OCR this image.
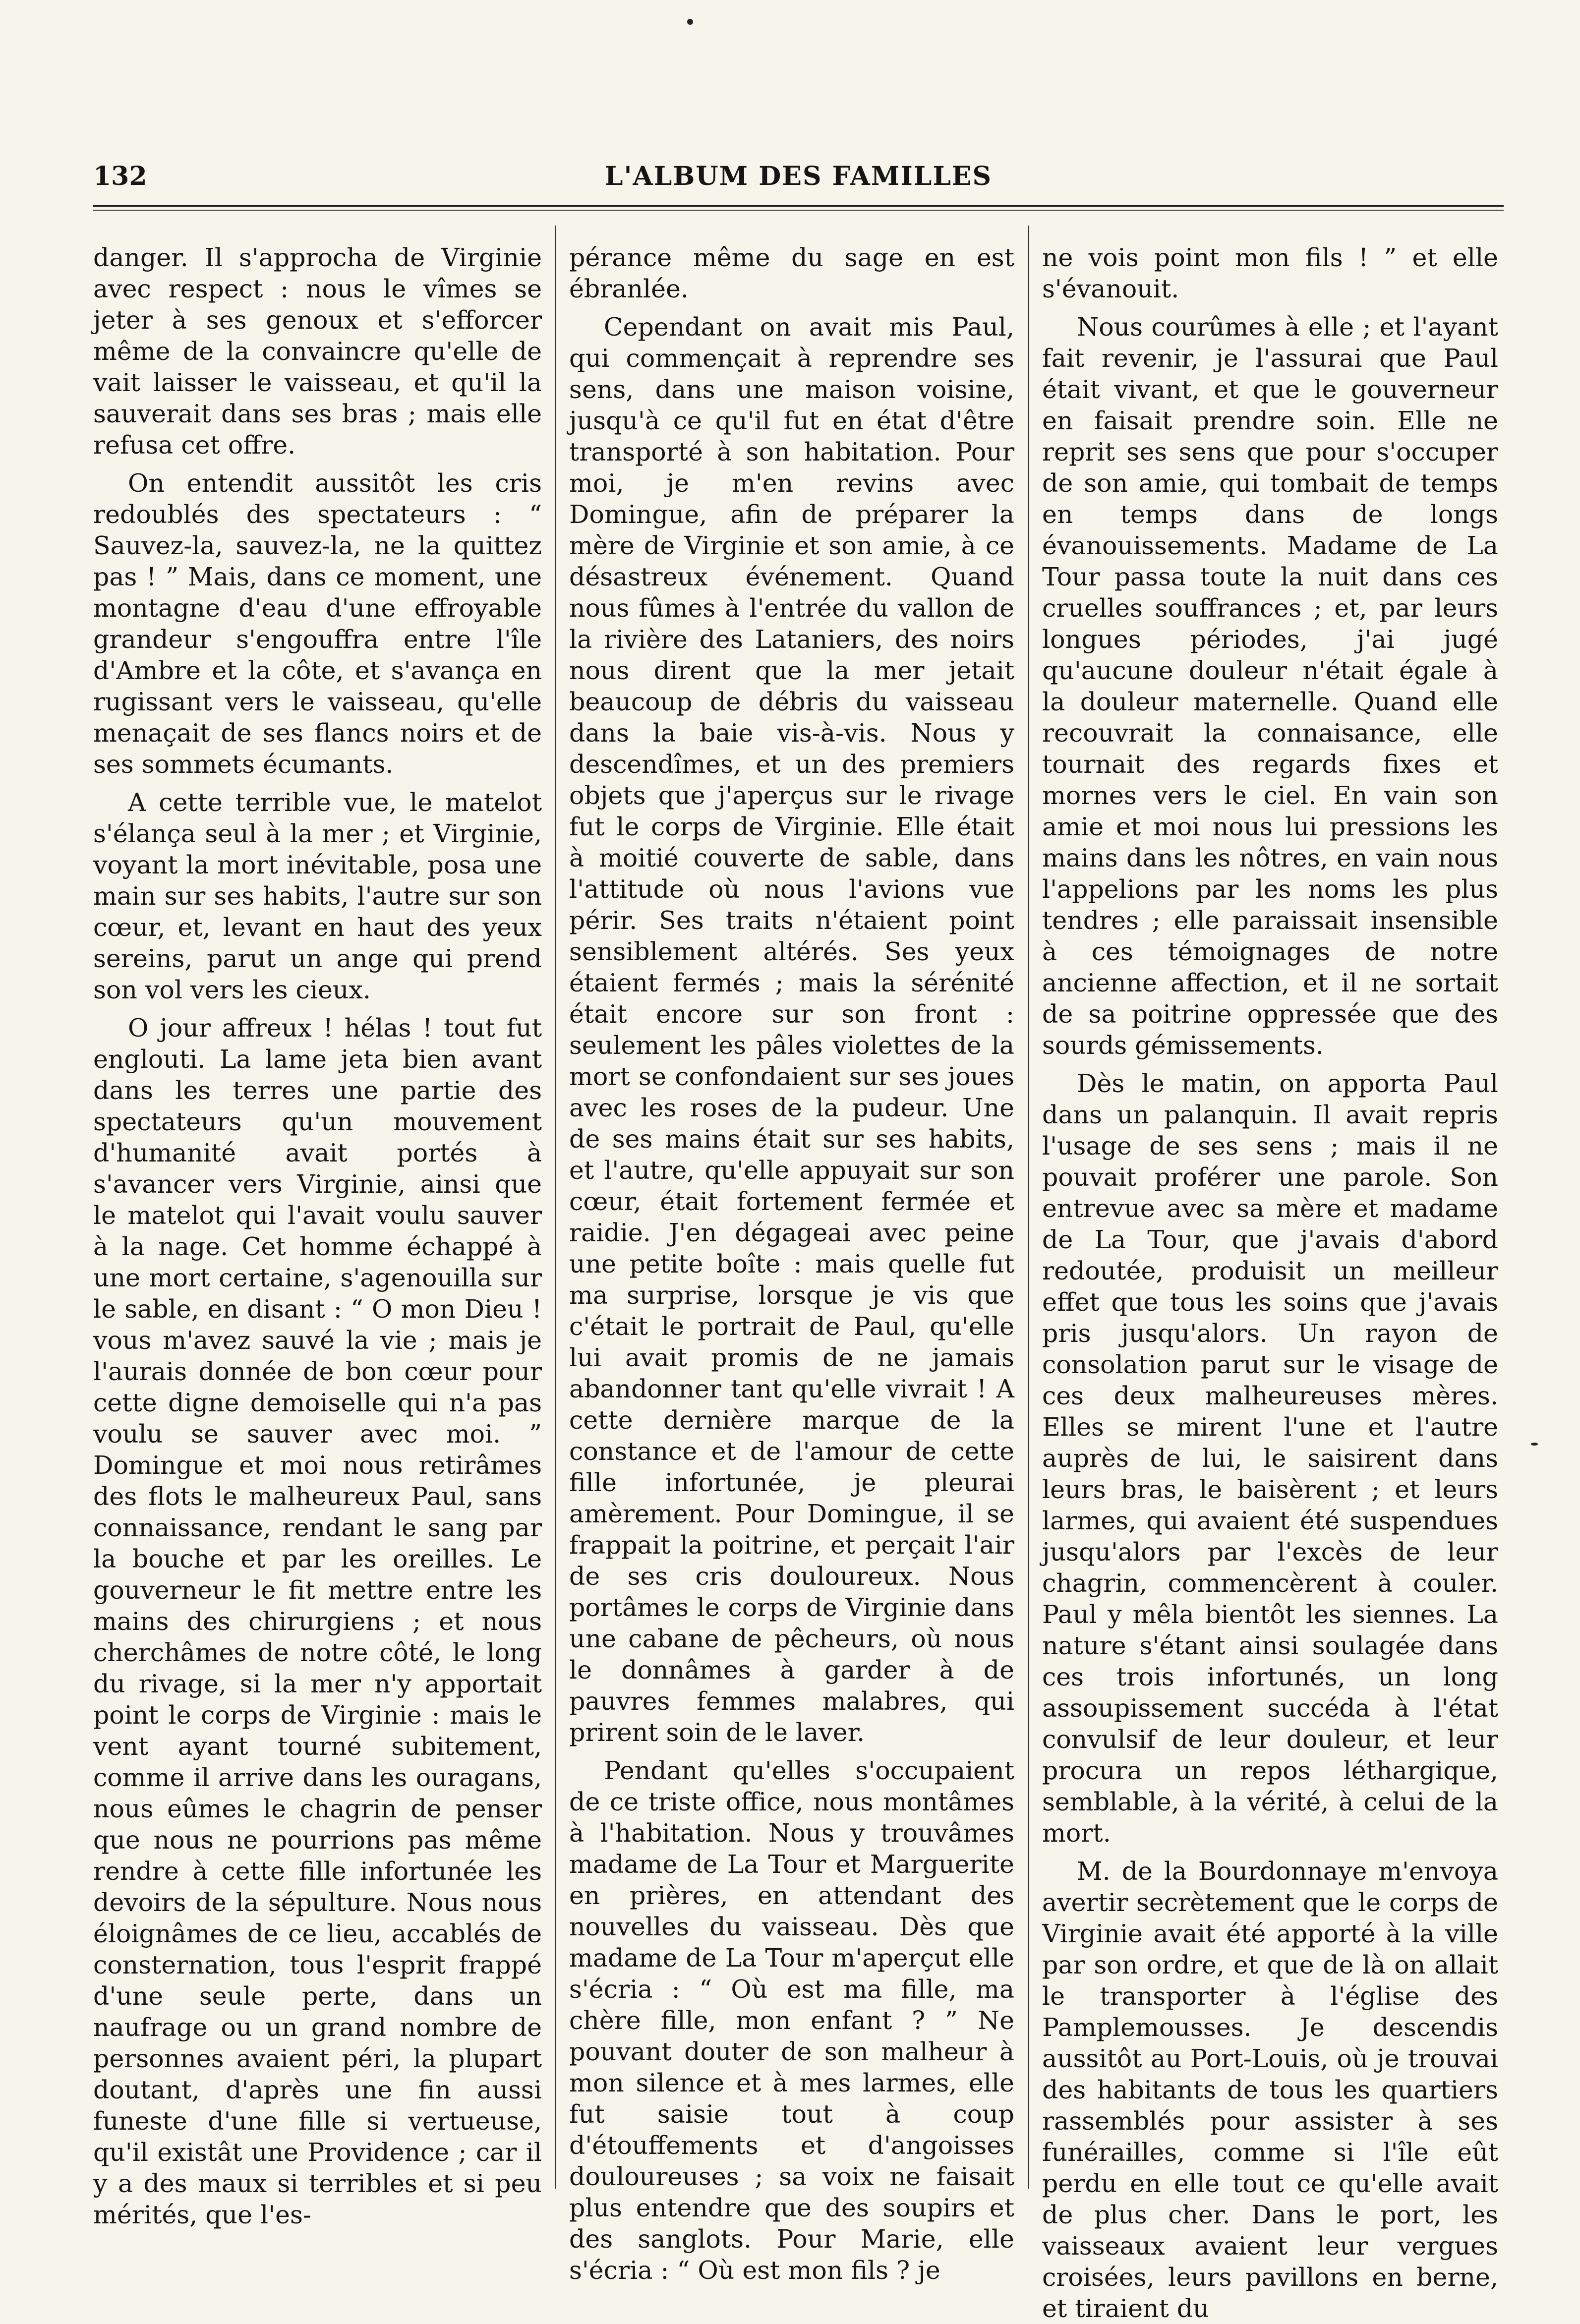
132	L'ALBUM DES FAMILLES

danger. Il s'approcha de Virginie avec respect : nous le vîmes se jeter à ses genoux et s'efforcer même de la convaincre qu'elle de vait laisser le vaisseau, et qu'il la sauverait dans ses bras ; mais elle refusa cet offre.

On entendit aussitôt les cris redoublés des spectateurs : “ Sauvez-la, sauvez-la, ne la quittez pas ! ” Mais, dans ce moment, une montagne d'eau d'une effroyable grandeur s'engouffra entre l'île d'Ambre et la côte, et s'avança en rugissant vers le vaisseau, qu'elle menaçait de ses flancs noirs et de ses sommets écumants.

A cette terrible vue, le matelot s'élança seul à la mer ; et Virginie, voyant la mort inévitable, posa une main sur ses habits, l'autre sur son cœur, et, levant en haut des yeux sereins, parut un ange qui prend son vol vers les cieux.

O jour affreux ! hélas ! tout fut englouti. La lame jeta bien avant dans les terres une partie des spectateurs qu'un mouvement d'humanité avait portés à s'avancer vers Virginie, ainsi que le matelot qui l'avait voulu sauver à la nage. Cet homme échappé à une mort certaine, s'agenouilla sur le sable, en disant : “ O mon Dieu ! vous m'avez sauvé la vie ; mais je l'aurais donnée de bon cœur pour cette digne demoiselle qui n'a pas voulu se sauver avec moi. ” Domingue et moi nous retirâmes des flots le malheureux Paul, sans connaissance, rendant le sang par la bouche et par les oreilles. Le gouverneur le fit mettre entre les mains des chirurgiens ; et nous cherchâmes de notre côté, le long du rivage, si la mer n'y apportait point le corps de Virginie : mais le vent ayant tourné subitement, comme il arrive dans les ouragans, nous eûmes le chagrin de penser que nous ne pourrions pas même rendre à cette fille infortunée les devoirs de la sépulture. Nous nous éloignâmes de ce lieu, accablés de consternation, tous l'esprit frappé d'une seule perte, dans un naufrage ou un grand nombre de personnes avaient péri, la plupart doutant, d'après une fin aussi funeste d'une fille si vertueuse, qu'il existât une Providence ; car il y a des maux si terribles et si peu mérités, que l'es-

pérance même du sage en est ébranlée.

Cependant on avait mis Paul, qui commençait à reprendre ses sens, dans une maison voisine, jusqu'à ce qu'il fut en état d'être transporté à son habitation. Pour moi, je m'en revins avec Domingue, afin de préparer la mère de Virginie et son amie, à ce désastreux événement. Quand nous fûmes à l'entrée du vallon de la rivière des Lataniers, des noirs nous dirent que la mer jetait beaucoup de débris du vaisseau dans la baie vis-à-vis. Nous y descendîmes, et un des premiers objets que j'aperçus sur le rivage fut le corps de Virginie. Elle était à moitié couverte de sable, dans l'attitude où nous l'avions vue périr. Ses traits n'étaient point sensiblement altérés. Ses yeux étaient fermés ; mais la sérénité était encore sur son front : seulement les pâles violettes de la mort se confondaient sur ses joues avec les roses de la pudeur. Une de ses mains était sur ses habits, et l'autre, qu'elle appuyait sur son cœur, était fortement fermée et raidie. J'en dégageai avec peine une petite boîte : mais quelle fut ma surprise, lorsque je vis que c'était le portrait de Paul, qu'elle lui avait promis de ne jamais abandonner tant qu'elle vivrait ! A cette dernière marque de la constance et de l'amour de cette fille infortunée, je pleurai amèrement. Pour Domingue, il se frappait la poitrine, et perçait l'air de ses cris douloureux. Nous portâmes le corps de Virginie dans une cabane de pêcheurs, où nous le donnâmes à garder à de pauvres femmes malabres, qui prirent soin de le laver.

Pendant qu'elles s'occupaient de ce triste office, nous montâmes à l'habitation. Nous y trouvâmes madame de La Tour et Marguerite en prières, en attendant des nouvelles du vaisseau. Dès que madame de La Tour m'aperçut elle s'écria : “ Où est ma fille, ma chère fille, mon enfant ? ” Ne pouvant douter de son malheur à mon silence et à mes larmes, elle fut saisie tout à coup d'étouffements et d'angoisses douloureuses ; sa voix ne faisait plus entendre que des soupirs et des sanglots. Pour Marie, elle s'écria : “ Où est mon fils ? je

ne vois point mon fils ! ” et elle s'évanouit.

Nous courûmes à elle ; et l'ayant fait revenir, je l'assurai que Paul était vivant, et que le gouverneur en faisait prendre soin. Elle ne reprit ses sens que pour s'occuper de son amie, qui tombait de temps en temps dans de longs évanouissements. Madame de La Tour passa toute la nuit dans ces cruelles souffrances ; et, par leurs longues périodes, j'ai jugé qu'aucune douleur n'était égale à la douleur maternelle. Quand elle recouvrait la connaisance, elle tournait des regards fixes et mornes vers le ciel. En vain son amie et moi nous lui pressions les mains dans les nôtres, en vain nous l'appelions par les noms les plus tendres ; elle paraissait insensible à ces témoignages de notre ancienne affection, et il ne sortait de sa poitrine oppressée que des sourds gémissements.

Dès le matin, on apporta Paul dans un palanquin. Il avait repris l'usage de ses sens ; mais il ne pouvait proférer une parole. Son entrevue avec sa mère et madame de La Tour, que j'avais d'abord redoutée, produisit un meilleur effet que tous les soins que j'avais pris jusqu'alors. Un rayon de consolation parut sur le visage de ces deux malheureuses mères. Elles se mirent l'une et l'autre auprès de lui, le saisirent dans leurs bras, le baisèrent ; et leurs larmes, qui avaient été suspendues jusqu'alors par l'excès de leur chagrin, commencèrent à couler. Paul y mêla bientôt les siennes. La nature s'étant ainsi soulagée dans ces trois infortunés, un long assoupissement succéda à l'état convulsif de leur douleur, et leur procura un repos léthargique, semblable, à la vérité, à celui de la mort.

M. de la Bourdonnaye m'envoya avertir secrètement que le corps de Virginie avait été apporté à la ville par son ordre, et que de là on allait le transporter à l'église des Pamplemousses. Je descendis aussitôt au Port-Louis, où je trouvai des habitants de tous les quartiers rassemblés pour assister à ses funérailles, comme si l'île eût perdu en elle tout ce qu'elle avait de plus cher. Dans le port, les vaisseaux avaient leur vergues croisées, leurs pavillons en berne, et tiraient du
